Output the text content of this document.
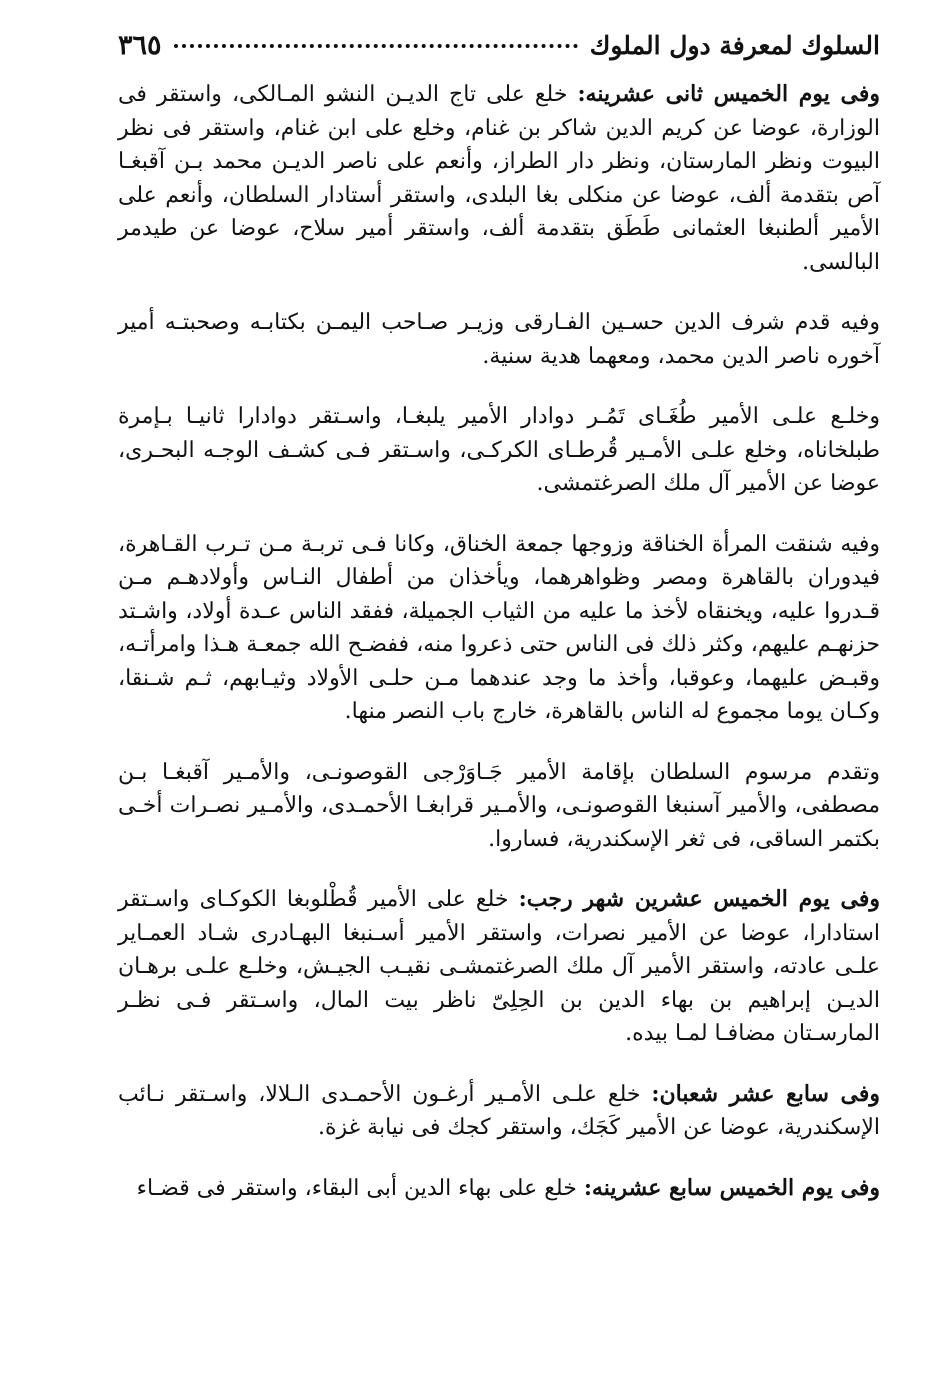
السلوك لمعرفة دول الملوك
٣٦٥

وفى يوم الخميس ثانى عشرينه: خلع على تاج الديـن النشو المـالكى، واستقر فى الوزارة، عوضا عن كريم الدين شاكر بن غنام، وخلع على ابن غنام، واستقر فى نظر البيوت ونظر المارستان، ونظر دار الطراز، وأنعم على ناصر الديـن محمد بـن آقبغـا آص بتقدمة ألف، عوضا عن منكلى بغا البلدى، واستقر أستادار السلطان، وأنعم على الأمير ألطنبغا العثمانى طَطَق بتقدمة ألف، واستقر أمير سلاح، عوضا عن طيدمر البالسى.

وفيه قدم شرف الدين حسـين الفـارقى وزيـر صـاحب اليمـن بكتابـه وصحبتـه أمير آخوره ناصر الدين محمد، ومعهما هدية سنية.

وخلـع علـى الأمير طُغَـاى تَمُـر دوادار الأمير يلبغـا، واسـتقر دوادارا ثانيـا بـإمرة طبلخاناه، وخلع علـى الأمـير قُرطـاى الكركـى، واسـتقر فـى كشـف الوجـه البحـرى، عوضا عن الأمير آل ملك الصرغتمشى.

وفيه شنقت المرأة الخناقة وزوجها جمعة الخناق، وكانا فـى تربـة مـن تـرب القـاهرة، فيدوران بالقاهرة ومصر وظواهرهما، ويأخذان من أطفال النـاس وأولادهـم مـن قـدروا عليه، ويخنقاه لأخذ ما عليه من الثياب الجميلة، ففقد الناس عـدة أولاد، واشـتد حزنهـم عليهم، وكثر ذلك فى الناس حتى ذعروا منه، ففضـح الله جمعـة هـذا وامرأتـه، وقبـض عليهما، وعوقبا، وأخذ ما وجد عندهما مـن حلـى الأولاد وثيـابهم، ثـم شـنقا، وكـان يوما مجموع له الناس بالقاهرة، خارج باب النصر منها.

وتقدم مرسوم السلطان بإقامة الأمير جَـاوَرْجى القوصونـى، والأمـير آقبغـا بـن مصطفى، والأمير آسنبغا القوصونـى، والأمـير قرابغـا الأحمـدى، والأمـير نصـرات أخـى بكتمر الساقى، فى ثغر الإسكندرية، فساروا.

وفى يوم الخميس عشرين شهر رجب: خلع على الأمير قُطْلوبغا الكوكـاى واسـتقر استادارا، عوضا عن الأمير نصرات، واستقر الأمير أسـنبغا البهـادرى شـاد العمـاير علـى عادته، واستقر الأمير آل ملك الصرغتمشـى نقيـب الجيـش، وخلـع علـى برهـان الديـن إبراهيم بن بهاء الدين بن الحِلِىّ ناظر بيت المال، واسـتقر فـى نظـر المارسـتان مضافـا لمـا بيده.

وفى سابع عشر شعبان: خلع علـى الأمـير أرغـون الأحمـدى الـلالا، واسـتقر نـائب الإسكندرية، عوضا عن الأمير كَجَك، واستقر كجك فى نيابة غزة.

وفى يوم الخميس سابع عشرينه: خلع على بهاء الدين أبى البقاء، واستقر فى قضـاء
